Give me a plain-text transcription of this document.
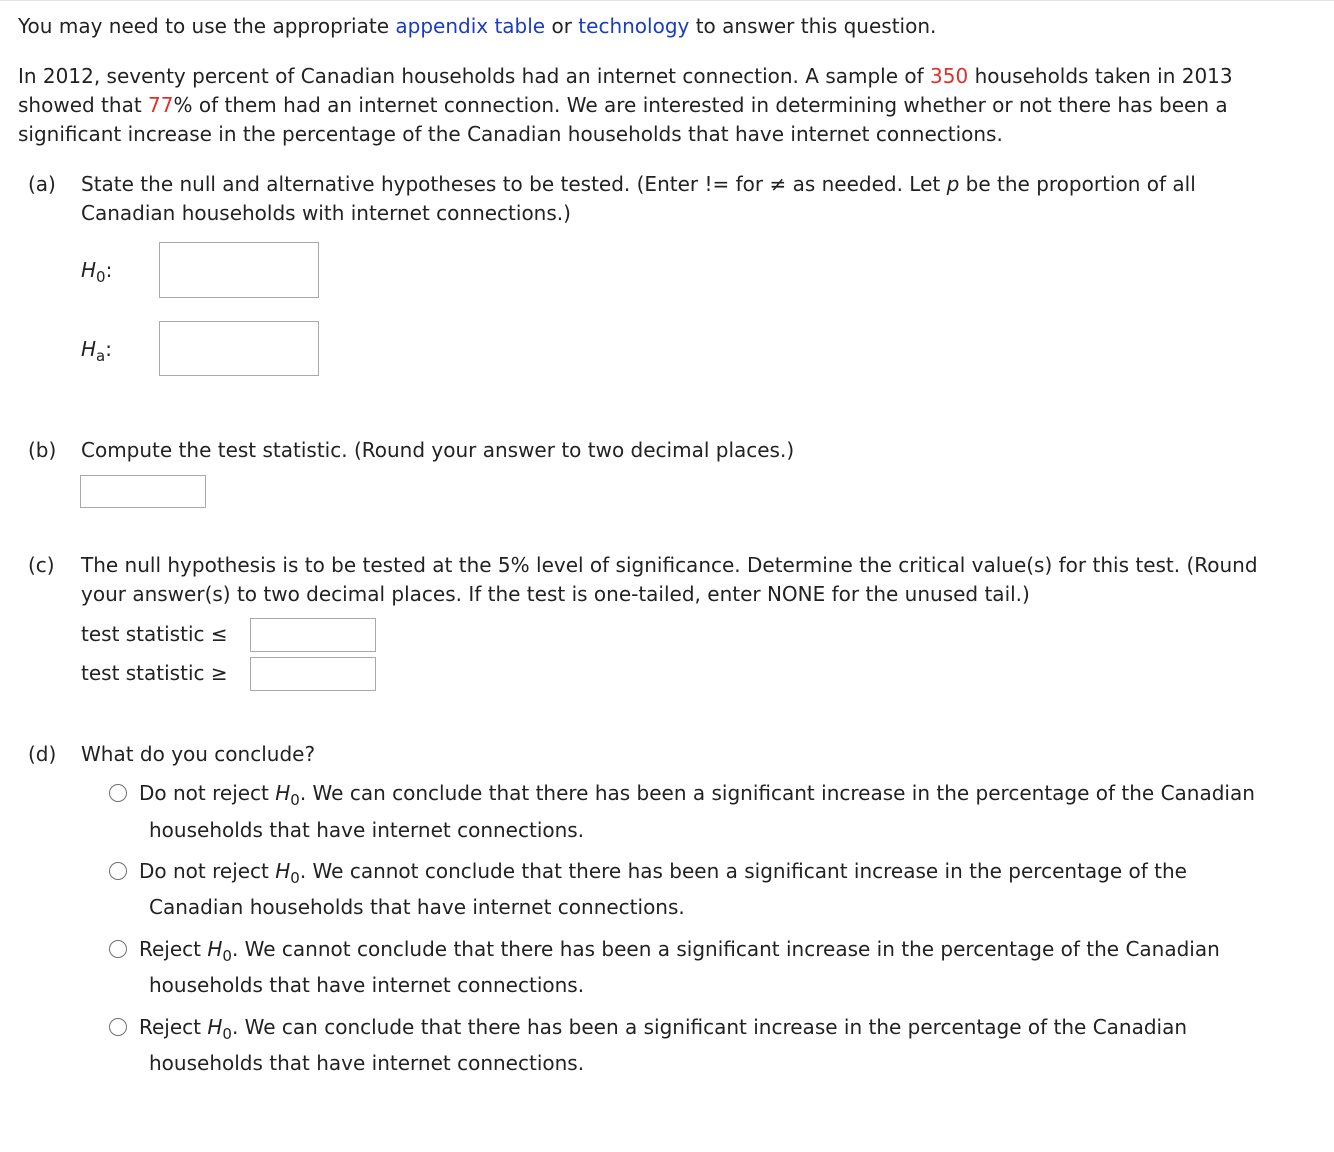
You may need to use the appropriate appendix table or technology to answer this question.
In 2012, seventy percent of Canadian households had an internet connection. A sample of 350 households taken in 2013
showed that 77% of them had an internet connection. We are interested in determining whether or not there has been a
significant increase in the percentage of the Canadian households that have internet connections.
(a) State the null and alternative hypotheses to be tested. (Enter != for ≠ as needed. Let p be the proportion of all
Canadian households with internet connections.)
$H_0$:
$H_a$:
(b) Compute the test statistic. (Round your answer to two decimal places.)
(c) The null hypothesis is to be tested at the 5% level of significance. Determine the critical value(s) for this test. (Round
your answer(s) to two decimal places. If the test is one-tailed, enter NONE for the unused tail.)
test statistic ≤
test statistic ≥
(d) What do you conclude?
Do not reject $H_0$. We can conclude that there has been a significant increase in the percentage of the Canadian
households that have internet connections.
Do not reject $H_0$. We cannot conclude that there has been a significant increase in the percentage of the
Canadian households that have internet connections.
Reject $H_0$. We cannot conclude that there has been a significant increase in the percentage of the Canadian
households that have internet connections.
Reject $H_0$. We can conclude that there has been a significant increase in the percentage of the Canadian
households that have internet connections.
